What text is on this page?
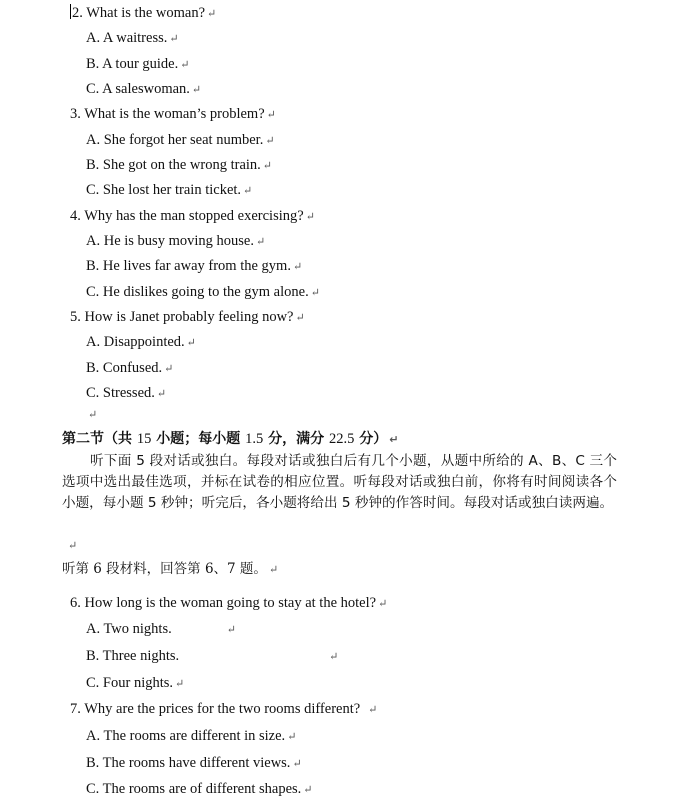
2. What is the woman? ↵
A. A waitress. ↵
B. A tour guide. ↵
C. A saleswoman. ↵
3. What is the woman’s problem? ↵
A. She forgot her seat number. ↵
B. She got on the wrong train. ↵
C. She lost her train ticket. ↵
4. Why has the man stopped exercising? ↵
A. He is busy moving house. ↵
B. He lives far away from the gym. ↵
C. He dislikes going to the gym alone. ↵
5. How is Janet probably feeling now? ↵
A. Disappointed. ↵
B. Confused. ↵
C. Stressed. ↵
↵
第二节（共 15 小题；每小题 1.5 分，满分 22.5 分） ↵
听下面 5 段对话或独白。每段对话或独白后有几个小题，从题中所给的 A、B、C 三个选项中选出最佳选项，并标在试卷的相应位置。听每段对话或独白前，你将有时间阅读各个小题，每小题 5 秒钟；听完后，各小题将给出 5 秒钟的作答时间。每段对话或独白读两遍。
↵
听第 6 段材料，回答第 6、7 题。 ↵
6. How long is the woman going to stay at the hotel? ↵
A. Two nights.	↵
B. Three nights.	↵
C. Four nights. ↵
7. Why are the prices for the two rooms different? ↵
A. The rooms are different in size. ↵
B. The rooms have different views. ↵
C. The rooms are of different shapes. ↵
